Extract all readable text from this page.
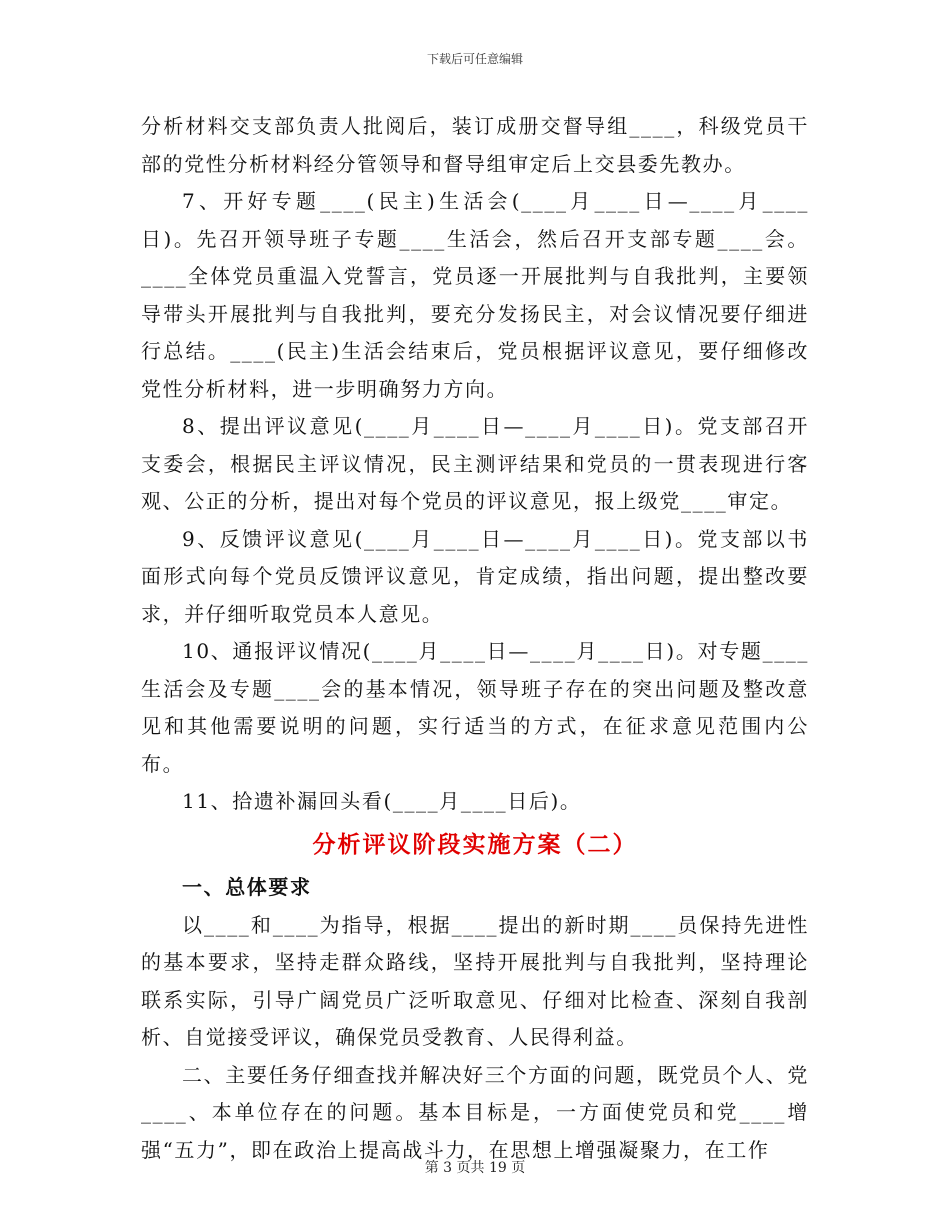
下载后可任意编辑

分析材料交支部负责人批阅后，装订成册交督导组____，科级党员干部的党性分析材料经分管领导和督导组审定后上交县委先教办。

7、开好专题____(民主)生活会(____月____日—____月____日)。先召开领导班子专题____生活会，然后召开支部专题____会。____全体党员重温入党誓言，党员逐一开展批判与自我批判，主要领导带头开展批判与自我批判，要充分发扬民主，对会议情况要仔细进行总结。____(民主)生活会结束后，党员根据评议意见，要仔细修改党性分析材料，进一步明确努力方向。

8、提出评议意见(____月____日—____月____日)。党支部召开支委会，根据民主评议情况，民主测评结果和党员的一贯表现进行客观、公正的分析，提出对每个党员的评议意见，报上级党____审定。

9、反馈评议意见(____月____日—____月____日)。党支部以书面形式向每个党员反馈评议意见，肯定成绩，指出问题，提出整改要求，并仔细听取党员本人意见。

10、通报评议情况(____月____日—____月____日)。对专题____生活会及专题____会的基本情况，领导班子存在的突出问题及整改意见和其他需要说明的问题，实行适当的方式，在征求意见范围内公布。

11、拾遗补漏回头看(____月____日后)。

分析评议阶段实施方案（二）

一、总体要求

以____和____为指导，根据____提出的新时期____员保持先进性的基本要求，坚持走群众路线，坚持开展批判与自我批判，坚持理论联系实际，引导广阔党员广泛听取意见、仔细对比检查、深刻自我剖析、自觉接受评议，确保党员受教育、人民得利益。

二、主要任务仔细查找并解决好三个方面的问题，既党员个人、党____、本单位存在的问题。基本目标是，一方面使党员和党____增强“五力”，即在政治上提高战斗力，在思想上增强凝聚力，在工作

第 3 页共 19 页
